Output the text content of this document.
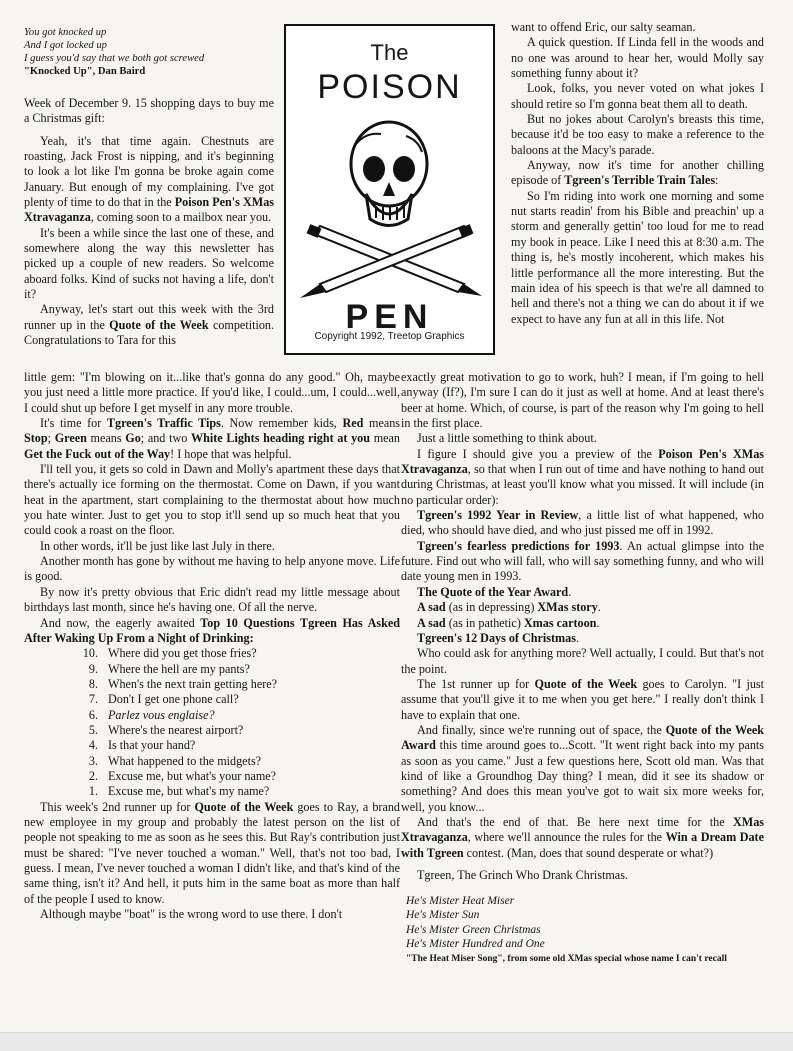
You got knocked up
And I got locked up
I guess you'd say that we both got screwed
"Knocked Up", Dan Baird
The
POISON
PEN
Copyright 1992, Treetop Graphics

Week of December 9. 15 shopping days to buy me a Christmas gift:

Yeah, it's that time again. Chestnuts are roasting, Jack Frost is nipping, and it's beginning to look a lot like I'm gonna be broke again come January. But enough of my complaining. I've got plenty of time to do that in the Poison Pen's XMas Xtravaganza, coming soon to a mailbox near you.

It's been a while since the last one of these, and somewhere along the way this newsletter has picked up a couple of new readers. So welcome aboard folks. Kind of sucks not having a life, don't it?

Anyway, let's start out this week with the 3rd runner up in the Quote of the Week competition. Congratulations to Tara for this

want to offend Eric, our salty seaman.

A quick question. If Linda fell in the woods and no one was around to hear her, would Molly say something funny about it?

Look, folks, you never voted on what jokes I should retire so I'm gonna beat them all to death.

But no jokes about Carolyn's breasts this time, because it'd be too easy to make a reference to the baloons at the Macy's parade.

Anyway, now it's time for another chilling episode of Tgreen's Terrible Train Tales:

So I'm riding into work one morning and some nut starts readin' from his Bible and preachin' up a storm and generally gettin' too loud for me to read my book in peace. Like I need this at 8:30 a.m. The thing is, he's mostly incoherent, which makes his little performance all the more interesting. But the main idea of his speech is that we're all damned to hell and there's not a thing we can do about it if we expect to have any fun at all in this life. Not

little gem: "I'm blowing on it...like that's gonna do any good." Oh, maybe you just need a little more practice. If you'd like, I could...um, I could...well, I could shut up before I get myself in any more trouble.

It's time for Tgreen's Traffic Tips. Now remember kids, Red means Stop; Green means Go; and two White Lights heading right at you mean Get the Fuck out of the Way! I hope that was helpful.

I'll tell you, it gets so cold in Dawn and Molly's apartment these days that there's actually ice forming on the thermostat. Come on Dawn, if you want heat in the apartment, start complaining to the thermostat about how much you hate winter. Just to get you to stop it'll send up so much heat that you could cook a roast on the floor.

In other words, it'll be just like last July in there.

Another month has gone by without me having to help anyone move. Life is good.

By now it's pretty obvious that Eric didn't read my little message about birthdays last month, since he's having one. Of all the nerve.

And now, the eagerly awaited Top 10 Questions Tgreen Has Asked After Waking Up From a Night of Drinking:

10. Where did you get those fries?
9. Where the hell are my pants?
8. When's the next train getting here?
7. Don't I get one phone call?
6. Parlez vous englaise?
5. Where's the nearest airport?
4. Is that your hand?
3. What happened to the midgets?
2. Excuse me, but what's your name?
1. Excuse me, but what's my name?

This week's 2nd runner up for Quote of the Week goes to Ray, a brand new employee in my group and probably the latest person on the list of people not speaking to me as soon as he sees this. But Ray's contribution just must be shared: "I've never touched a woman." Well, that's not too bad, I guess. I mean, I've never touched a woman I didn't like, and that's kind of the same thing, isn't it? And hell, it puts him in the same boat as more than half of the people I used to know.

Although maybe "boat" is the wrong word to use there. I don't

exactly great motivation to go to work, huh? I mean, if I'm going to hell anyway (If?), I'm sure I can do it just as well at home. And at least there's beer at home. Which, of course, is part of the reason why I'm going to hell in the first place.

Just a little something to think about.

I figure I should give you a preview of the Poison Pen's XMas Xtravaganza, so that when I run out of time and have nothing to hand out during Christmas, at least you'll know what you missed. It will include (in no particular order):

Tgreen's 1992 Year in Review, a little list of what happened, who died, who should have died, and who just pissed me off in 1992.

Tgreen's fearless predictions for 1993. An actual glimpse into the future. Find out who will fall, who will say something funny, and who will date young men in 1993.

The Quote of the Year Award.

A sad (as in depressing) XMas story.

A sad (as in pathetic) Xmas cartoon.

Tgreen's 12 Days of Christmas.

Who could ask for anything more? Well actually, I could. But that's not the point.

The 1st runner up for Quote of the Week goes to Carolyn. "I just assume that you'll give it to me when you get here." I really don't think I have to explain that one.

And finally, since we're running out of space, the Quote of the Week Award this time around goes to...Scott. "It went right back into my pants as soon as you came." Just a few questions here, Scott old man. Was that kind of like a Groundhog Day thing? I mean, did it see its shadow or something? And does this mean you've got to wait six more weeks for, well, you know...

And that's the end of that. Be here next time for the XMas Xtravaganza, where we'll announce the rules for the Win a Dream Date with Tgreen contest. (Man, does that sound desperate or what?)

Tgreen, The Grinch Who Drank Christmas.

He's Mister Heat Miser
He's Mister Sun
He's Mister Green Christmas
He's Mister Hundred and One
"The Heat Miser Song", from some old XMas special whose name I can't recall
